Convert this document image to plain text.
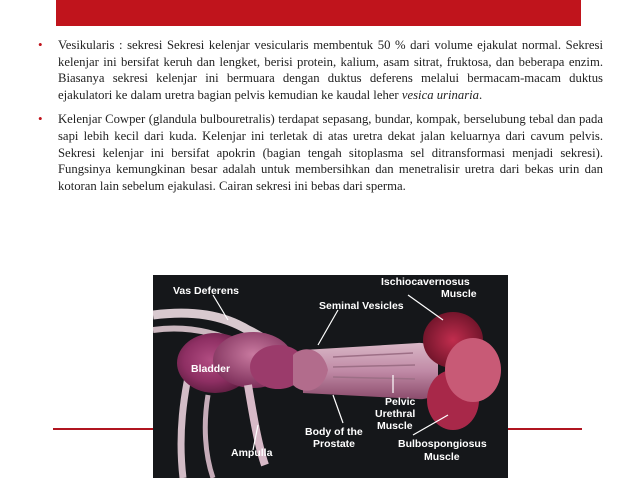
•	Vesikularis : sekresi Sekresi kelenjar vesicularis membentuk 50 % dari volume ejakulat normal. Sekresi kelenjar ini bersifat keruh dan lengket, berisi protein, kalium, asam sitrat, fruktosa, dan beberapa enzim. Biasanya sekresi kelenjar ini bermuara dengan duktus deferens melalui bermacam-macam duktus ejakulatori ke dalam uretra bagian pelvis kemudian ke kaudal leher vesica urinaria.
•	Kelenjar Cowper (glandula bulbouretralis) terdapat sepasang, bundar, kompak, berselubung tebal dan pada sapi lebih kecil dari kuda. Kelenjar ini terletak di atas uretra dekat jalan keluarnya dari cavum pelvis. Sekresi kelenjar ini bersifat apokrin (bagian tengah sitoplasma sel ditransformasi menjadi sekresi). Fungsinya kemungkinan besar adalah untuk membersihkan dan menetralisir uretra dari bekas urin dan kotoran lain sebelum ejakulasi. Cairan sekresi ini bebas dari sperma.
Vas Deferens
Ischiocavernosus
Muscle
Seminal Vesicles
Bladder
Pelvic
Urethral
Muscle
Body of the
Prostate	Bulbospongiosus
Muscle
Ampulla
